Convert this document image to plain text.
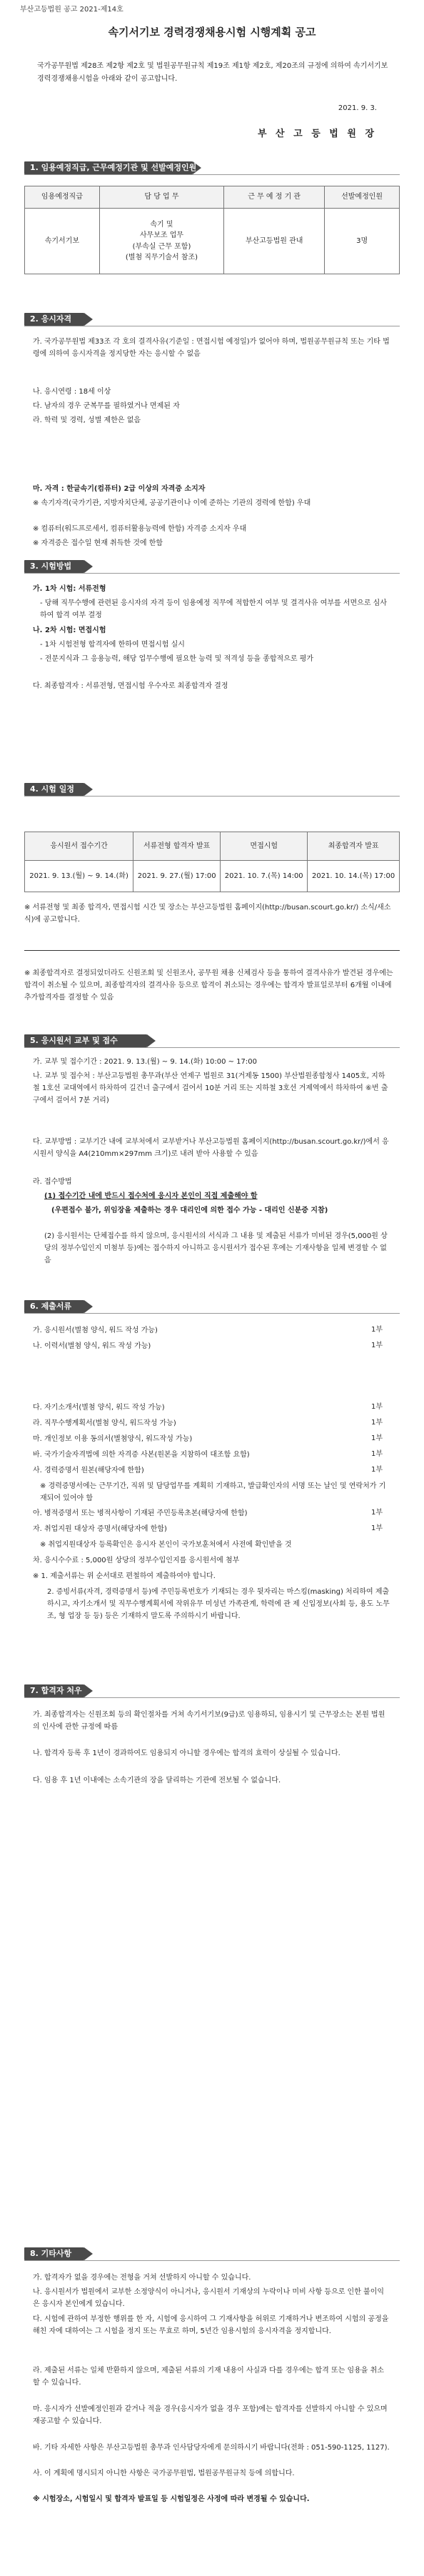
부산고등법원 공고 2021-제14호
속기서기보 경력경쟁채용시험 시행계획 공고
국가공무원법 제28조 제2항 제2호 및 법원공무원규칙 제19조 제1항 제2호, 제20조의 규정에 의하여 속기서기보 경력경쟁채용시험을 아래와 같이 공고합니다.
2021. 9. 3.
부 산 고 등 법 원 장
1. 임용예정직급, 근무예정기관 및 선발예정인원
임용예정직급	담 당 업 무	근 무 예 정 기 관	선발예정인원
속기서기보	속기 및
사무보조 업무
(부속실 근무 포함)
(별첨 직무기술서 참조)	부산고등법원 관내	3명
2. 응시자격
가. 국가공무원법 제33조 각 호의 결격사유(기준일 : 면접시험 예정일)가 없어야 하며, 법원공무원규칙 또는 기타 법령에 의하여 응시자격을 정지당한 자는 응시할 수 없음
나. 응시연령 : 18세 이상
다. 남자의 경우 군복무를 필하였거나 면제된 자
라. 학력 및 경력, 성별 제한은 없음
마. 자격 : 한글속기(컴퓨터) 2급 이상의 자격증 소지자
※ 속기자격(국가기관, 지방자치단체, 공공기관이나 이에 준하는 기관의 경력에 한함) 우대
※ 컴퓨터(워드프로세서, 컴퓨터활용능력에 한함) 자격증 소지자 우대
※ 자격증은 접수일 현재 취득한 것에 한함
3. 시험방법
가. 1차 시험: 서류전형
- 당해 직무수행에 관련된 응시자의 자격 등이 임용예정 직무에 적합한지 여부 및 결격사유 여부를 서면으로 심사하여 합격 여부 결정
나. 2차 시험: 면접시험
- 1차 시험전형 합격자에 한하여 면접시험 실시
- 전문지식과 그 응용능력, 해당 업무수행에 필요한 능력 및 적격성 등을 종합적으로 평가
다. 최종합격자 : 서류전형, 면접시험 우수자로 최종합격자 결정
4. 시험 일정
응시원서 접수기간	서류전형 합격자 발표	면접시험	최종합격자 발표
2021. 9. 13.(월) ~ 9. 14.(화)	2021. 9. 27.(월) 17:00	2021. 10. 7.(목) 14:00	2021. 10. 14.(목) 17:00
※ 서류전형 및 최종 합격자, 면접시험 시간 및 장소는 부산고등법원 홈페이지(http://busan.scourt.go.kr/) 소식/새소식)에 공고합니다.
※ 최종합격자로 결정되었더라도 신원조회 및 신원조사, 공무원 채용 신체검사 등을 통하여 결격사유가 발견된 경우에는 합격이 취소될 수 있으며, 최종합격자의 결격사유 등으로 합격이 취소되는 경우에는 합격자 발표일로부터 6개월 이내에 추가합격자를 결정할 수 있음
5. 응시원서 교부 및 접수
가. 교부 및 접수기간 : 2021. 9. 13.(월) ~ 9. 14.(화) 10:00 ~ 17:00
나. 교부 및 접수처 : 부산고등법원 총무과(부산 연제구 법원로 31(거제동 1500) 부산법원종합청사 1405호, 지하철 1호선 교대역에서 하차하여 길건너 출구에서 걸어서 10분 거리 또는 지하철 3호선 거제역에서 하차하여 ⑥번 출구에서 걸어서 7분 거리)
다. 교부방법 : 교부기간 내에 교부처에서 교부받거나 부산고등법원 홈페이지(http://busan.scourt.go.kr/)에서 응시원서 양식을 A4(210mm×297mm 크기)로 내려 받아 사용할 수 있음
라. 접수방법
(1) 접수기간 내에 반드시 접수처에 응시자 본인이 직접 제출해야 함
(우편접수 불가, 위임장을 제출하는 경우 대리인에 의한 접수 가능 - 대리인 신분증 지참)
(2) 응시원서는 단체접수를 하지 않으며, 응시원서의 서식과 그 내용 및 제출된 서류가 미비된 경우(5,000원 상당의 정부수입인지 미첨부 등)에는 접수하지 아니하고 응시원서가 접수된 후에는 기재사항을 일체 변경할 수 없음
6. 제출서류
가. 응시원서(별첨 양식, 워드 작성 가능)	1부
나. 이력서(별첨 양식, 워드 작성 가능)	1부
다. 자기소개서(별첨 양식, 워드 작성 가능)	1부
라. 직무수행계획서(별첨 양식, 워드작성 가능)	1부
마. 개인정보 이용 동의서(별첨양식, 워드작성 가능)	1부
바. 국가기술자격법에 의한 자격증 사본(원본을 지참하여 대조함 요함)	1부
사. 경력증명서 원본(해당자에 한함)	1부
※ 경력증명서에는 근무기간, 직위 및 담당업무를 계획히 기재하고, 발급확인자의 서명 또는 날인 및 연락처가 기재되어 있어야 함
아. 병적증명서 또는 병적사항이 기재된 주민등록초본(해당자에 한함)	1부
자. 취업지원 대상자 증명서(해당자에 한함)	1부
※ 취업지원대상자 등록확인은 응시자 본인이 국가보훈처에서 사전에 확인받을 것
차. 응시수수료 : 5,000원 상당의 정부수입인지를 응시원서에 첨부
※ 1. 제출서류는 위 순서대로 편철하여 제출하여야 합니다.
2. 증빙서류(자격, 경력증명서 등)에 주민등록번호가 기재되는 경우 뒷자리는 마스킹(masking) 처리하여 제출하시고, 자기소개서 및 직무수행계획서에 작위유무 미성년 가족관계, 학력에 관 제 신입정보(사회 등, 용도 노무 조, 형 업장 등 등) 등은 기재하지 말도록 주의하시기 바랍니다.
7. 합격자 처우
가. 최종합격자는 신원조회 등의 확인절차를 거쳐 속기서기보(9급)로 임용하되, 임용시기 및 근무장소는 본원 법원의 인사에 관한 규정에 따름
나. 합격자 등록 후 1년이 경과하여도 임용되지 아니할 경우에는 합격의 효력이 상실될 수 있습니다.
다. 임용 후 1년 이내에는 소속기관의 장을 달리하는 기관에 전보될 수 없습니다.
8. 기타사항
가. 합격자가 없을 경우에는 전형을 거쳐 선발하지 아니할 수 있습니다.
나. 응시원서가 법원에서 교부한 소정양식이 아니거나, 응시원서 기재상의 누락이나 미비 사항 등으로 인한 불이익은 응시자 본인에게 있습니다.
다. 시험에 관하여 부정한 행위를 한 자, 시험에 응시하여 그 기재사항을 허위로 기재하거나 변조하여 시험의 공정을 해친 자에 대하여는 그 시험을 정지 또는 무효로 하며, 5년간 임용시험의 응시자격을 정지합니다.
라. 제출된 서류는 일체 반환하지 않으며, 제출된 서류의 기재 내용이 사실과 다를 경우에는 합격 또는 임용을 취소할 수 있습니다.
마. 응시자가 선발예정인원과 같거나 적을 경우(응시자가 없을 경우 포함)에는 합격자를 선발하지 아니할 수 있으며 재공고할 수 있습니다.
바. 기타 자세한 사항은 부산고등법원 총무과 인사담당자에게 문의하시기 바랍니다(전화 : 051-590-1125, 1127).
사. 이 계획에 명시되지 아니한 사항은 국가공무원법, 법원공무원규칙 등에 의합니다.
※ 시험장소, 시험일시 및 합격자 발표일 등 시험일정은 사정에 따라 변경될 수 있습니다.
